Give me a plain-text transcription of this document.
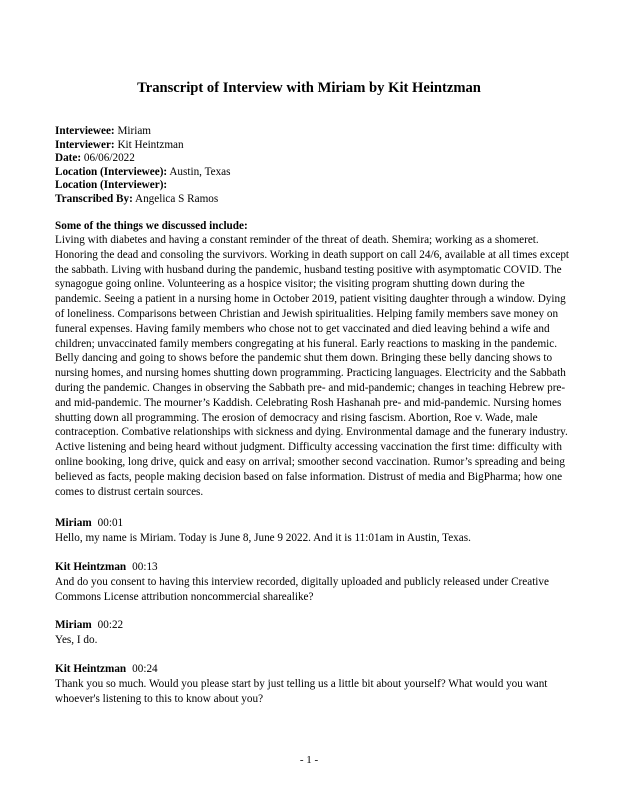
Transcript of Interview with Miriam by Kit Heintzman
Interviewee: Miriam
Interviewer: Kit Heintzman
Date: 06/06/2022
Location (Interviewee): Austin, Texas
Location (Interviewer):
Transcribed By: Angelica S Ramos
Some of the things we discussed include:
Living with diabetes and having a constant reminder of the threat of death. Shemira; working as a shomeret. Honoring the dead and consoling the survivors. Working in death support on call 24/6, available at all times except the sabbath. Living with husband during the pandemic, husband testing positive with asymptomatic COVID. The synagogue going online. Volunteering as a hospice visitor; the visiting program shutting down during the pandemic. Seeing a patient in a nursing home in October 2019, patient visiting daughter through a window. Dying of loneliness. Comparisons between Christian and Jewish spiritualities. Helping family members save money on funeral expenses. Having family members who chose not to get vaccinated and died leaving behind a wife and children; unvaccinated family members congregating at his funeral. Early reactions to masking in the pandemic. Belly dancing and going to shows before the pandemic shut them down. Bringing these belly dancing shows to nursing homes, and nursing homes shutting down programming. Practicing languages. Electricity and the Sabbath during the pandemic. Changes in observing the Sabbath pre- and mid-pandemic; changes in teaching Hebrew pre- and mid-pandemic. The mourner’s Kaddish. Celebrating Rosh Hashanah pre- and mid-pandemic. Nursing homes shutting down all programming. The erosion of democracy and rising fascism. Abortion, Roe v. Wade, male contraception. Combative relationships with sickness and dying. Environmental damage and the funerary industry. Active listening and being heard without judgment. Difficulty accessing vaccination the first time: difficulty with online booking, long drive, quick and easy on arrival; smoother second vaccination. Rumor’s spreading and being believed as facts, people making decision based on false information. Distrust of media and BigPharma; how one comes to distrust certain sources.
Miriam 00:01
Hello, my name is Miriam. Today is June 8, June 9 2022. And it is 11:01am in Austin, Texas.
Kit Heintzman 00:13
And do you consent to having this interview recorded, digitally uploaded and publicly released under Creative Commons License attribution noncommercial sharealike?
Miriam 00:22
Yes, I do.
Kit Heintzman 00:24
Thank you so much. Would you please start by just telling us a little bit about yourself? What would you want whoever's listening to this to know about you?
- 1 -
